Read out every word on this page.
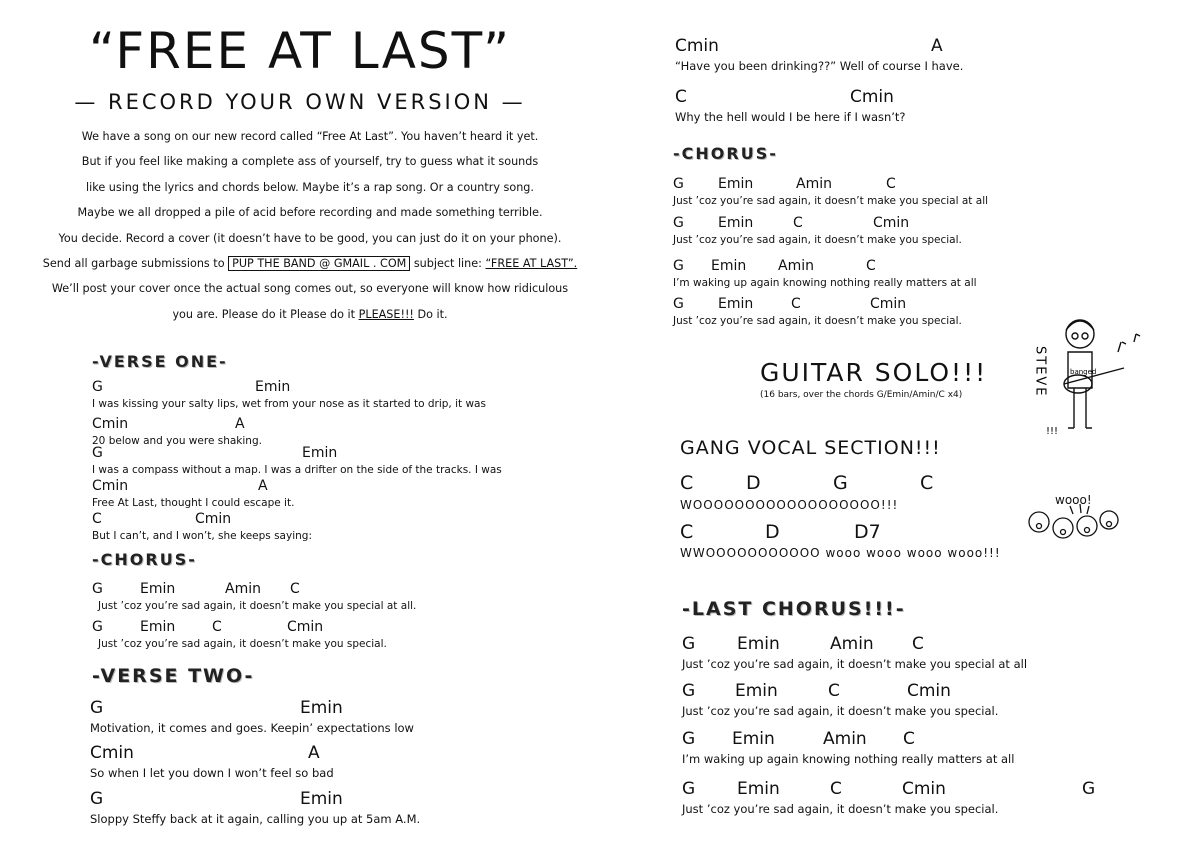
“FREE AT LAST”
— RECORD YOUR OWN VERSION —
We have a song on our new record called “Free At Last”. You haven’t heard it yet.
But if you feel like making a complete ass of yourself, try to guess what it sounds
like using the lyrics and chords below. Maybe it’s a rap song. Or a country song.
Maybe we all dropped a pile of acid before recording and made something terrible.
You decide. Record a cover (it doesn’t have to be good, you can just do it on your phone).
Send all garbage submissions to PUP THE BAND @ GMAIL . COM subject line: “FREE AT LAST”.
We’ll post your cover once the actual song comes out, so everyone will know how ridiculous
you are. Please do it Please do it PLEASE!!! Do it.
-VERSE ONE-
G	Emin
I was kissing your salty lips, wet from your nose as it started to drip, it was
Cmin	A
20 below and you were shaking.
G	Emin
I was a compass without a map. I was a drifter on the side of the tracks. I was
Cmin	A
Free At Last, thought I could escape it.
C	Cmin
But I can’t, and I won’t, she keeps saying:
-CHORUS-
G	Emin	Amin C
Just ’coz you’re sad again, it doesn’t make you special at all.
G	Emin	C	Cmin
Just ’coz you’re sad again, it doesn’t make you special.
-VERSE TWO-
G	Emin
Motivation, it comes and goes. Keepin’ expectations low
Cmin	A
So when I let you down I won’t feel so bad
G	Emin
Sloppy Steffy back at it again, calling you up at 5am A.M.
Cmin	A
“Have you been drinking??” Well of course I have.
C	Cmin
Why the hell would I be here if I wasn’t?
-CHORUS-
G Emin	Amin	C
Just ’coz you’re sad again, it doesn’t make you special at all
G Emin	C	Cmin
Just ’coz you’re sad again, it doesn’t make you special.
G Emin Amin	C
I’m waking up again knowing nothing really matters at all
G Emin	C	Cmin
Just ’coz you’re sad again, it doesn’t make you special.
GUITAR SOLO!!!
(16 bars, over the chords G/Emin/Amin/C x4)
banged
STEVE
!!!
GANG VOCAL SECTION!!!
C	D	G	C
WOOOOOOOOOOOOOOOOOO!!!
C	D	D7
WWOOOOOOOOOOO wooo wooo wooo wooo!!!
wooo!
-LAST CHORUS!!!-
G Emin	Amin C
Just ’coz you’re sad again, it doesn’t make you special at all
G Emin	C	Cmin
Just ’coz you’re sad again, it doesn’t make you special.
G Emin	Amin C
I’m waking up again knowing nothing really matters at all
G Emin	C	Cmin	G
Just ’coz you’re sad again, it doesn’t make you special.
